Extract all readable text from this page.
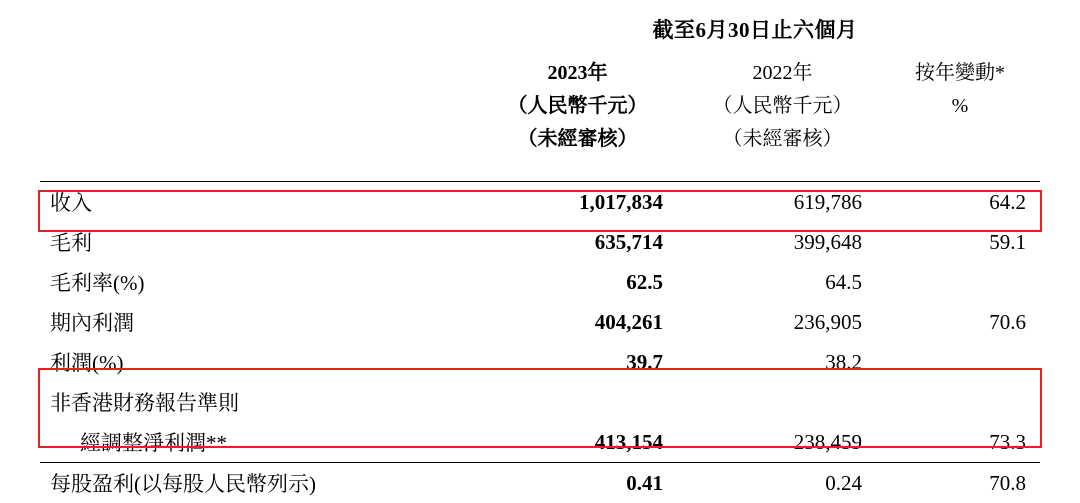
	截至6月30日止六個月		
	2023年	2022年	按年變動*
	（人民幣千元）	（人民幣千元）	%
	（未經審核）	（未經審核）	

收入	1,017,834	619,786	64.2
毛利	635,714	399,648	59.1
毛利率(%)	62.5	64.5	
期內利潤	404,261	236,905	70.6
利潤(%)	39.7	38.2	
非香港財務報告準則			
經調整淨利潤**	413,154	238,459	73.3

每股盈利(以每股人民幣列示)	0.41	0.24	70.8
